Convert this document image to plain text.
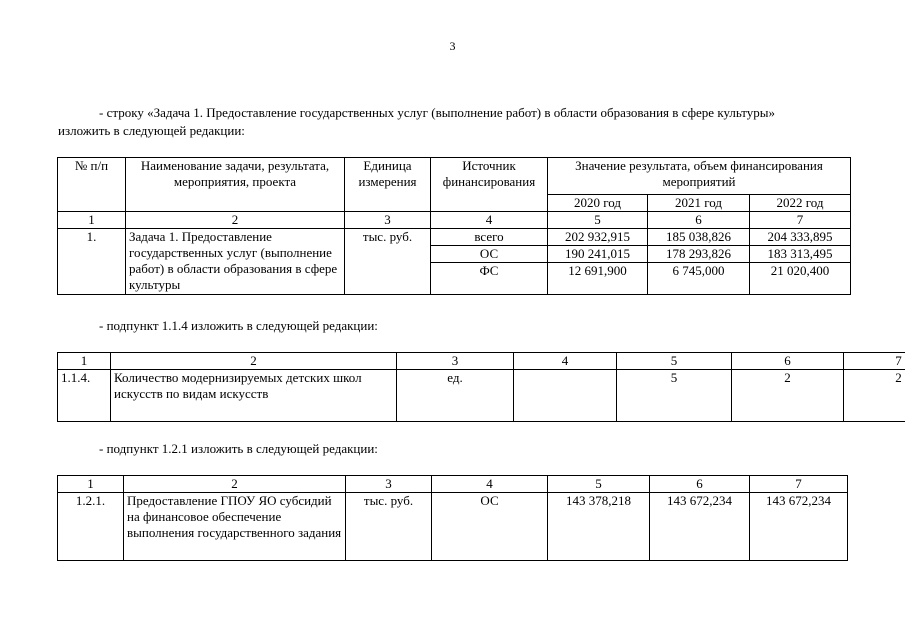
3
- строку «Задача 1. Предоставление государственных услуг (выполнение работ) в области образования в сфере культуры»
изложить в следующей редакции:
№ п/п	Наименование задачи, результата, мероприятия, проекта	Единица измерения	Источник финансирования	Значение результата, объем финансирования мероприятий		
				2020 год	2021 год	2022 год
1	2	3	4	5	6	7
1.	Задача 1. Предоставление государственных услуг (выполнение работ) в области образования в сфере культуры	тыс. руб.	всего	202 932,915	185 038,826	204 333,895
			ОС	190 241,015	178 293,826	183 313,495
			ФС	12 691,900	6 745,000	21 020,400
- подпункт 1.1.4 изложить в следующей редакции:
1	2	3	4	5	6	7
1.1.4.	Количество модернизируемых детских школ искусств по видам искусств	ед.		5	2	2
- подпункт 1.2.1 изложить в следующей редакции:
1	2	3	4	5	6	7
1.2.1.	Предоставление ГПОУ ЯО субсидий на финансовое обеспечение выполнения государственного задания	тыс. руб.	ОС	143 378,218	143 672,234	143 672,234
